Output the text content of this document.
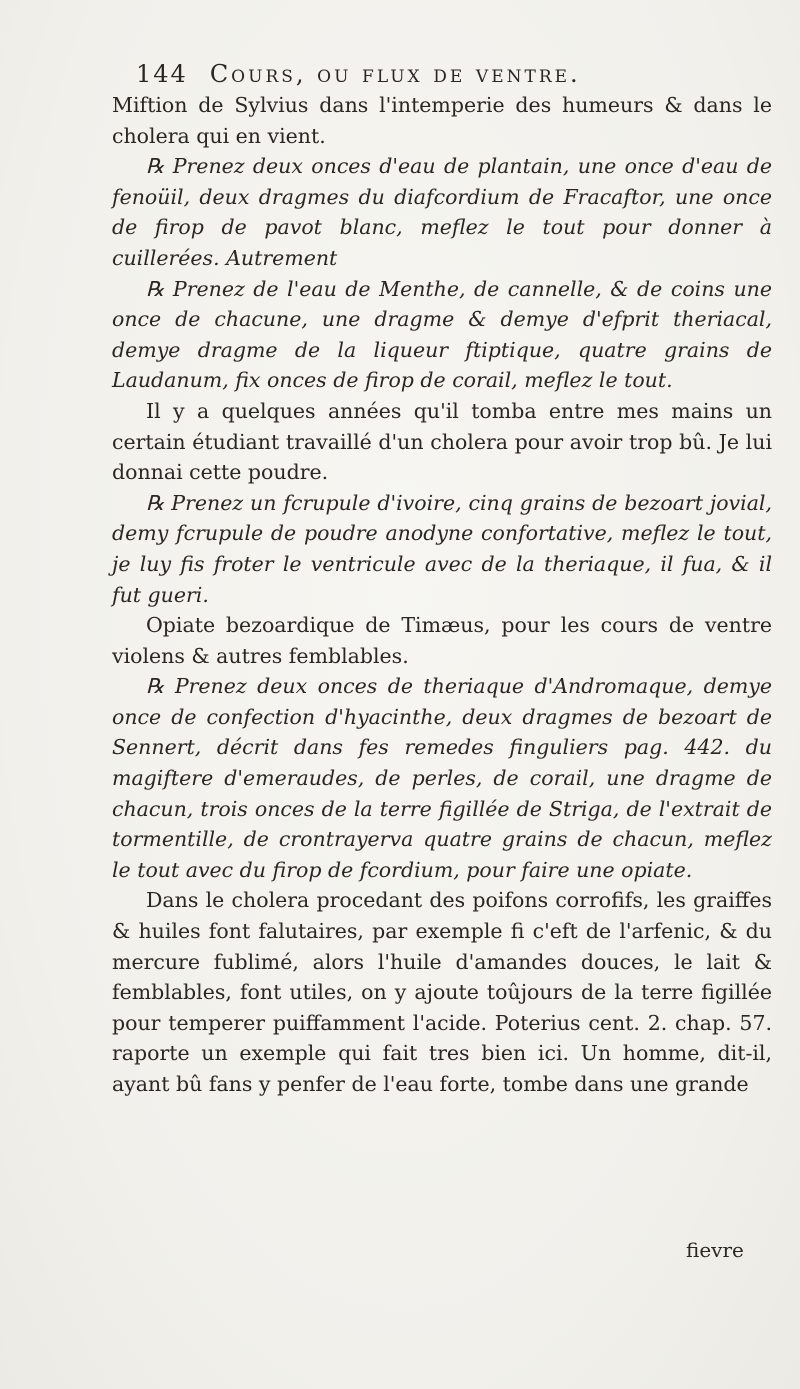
144 Cours, ou flux de ventre.

Miftion de Sylvius dans l'intemperie des humeurs & dans le cholera qui en vient.

℞ Prenez deux onces d'eau de plantain, une once d'eau de fenoüil, deux dragmes du diafcordium de Fracaftor, une once de firop de pavot blanc, meflez le tout pour donner à cuillerées. Autrement

℞ Prenez de l'eau de Menthe, de cannelle, & de coins une once de chacune, une dragme & demye d'efprit theriacal, demye dragme de la liqueur ftiptique, quatre grains de Laudanum, fix onces de firop de corail, meflez le tout.

Il y a quelques années qu'il tomba entre mes mains un certain étudiant travaillé d'un cholera pour avoir trop bû. Je lui donnai cette poudre.

℞ Prenez un fcrupule d'ivoire, cinq grains de bezoart jovial, demy fcrupule de poudre anodyne confortative, meflez le tout, je luy fis froter le ventricule avec de la theriaque, il fua, & il fut gueri.

Opiate bezoardique de Timæus, pour les cours de ventre violens & autres femblables.

℞ Prenez deux onces de theriaque d'Andromaque, demye once de confection d'hyacinthe, deux dragmes de bezoart de Sennert, décrit dans fes remedes finguliers pag. 442. du magiftere d'emeraudes, de perles, de corail, une dragme de chacun, trois onces de la terre figillée de Striga, de l'extrait de tormentille, de crontrayerva quatre grains de chacun, meflez le tout avec du firop de fcordium, pour faire une opiate.

Dans le cholera procedant des poifons corrofifs, les graiffes & huiles font falutaires, par exemple fi c'eft de l'arfenic, & du mercure fublimé, alors l'huile d'amandes douces, le lait & femblables, font utiles, on y ajoute toûjours de la terre figillée pour temperer puiffamment l'acide. Poterius cent. 2. chap. 57. raporte un exemple qui fait tres bien ici. Un homme, dit-il, ayant bû fans y penfer de l'eau forte, tombe dans une grande

fievre
